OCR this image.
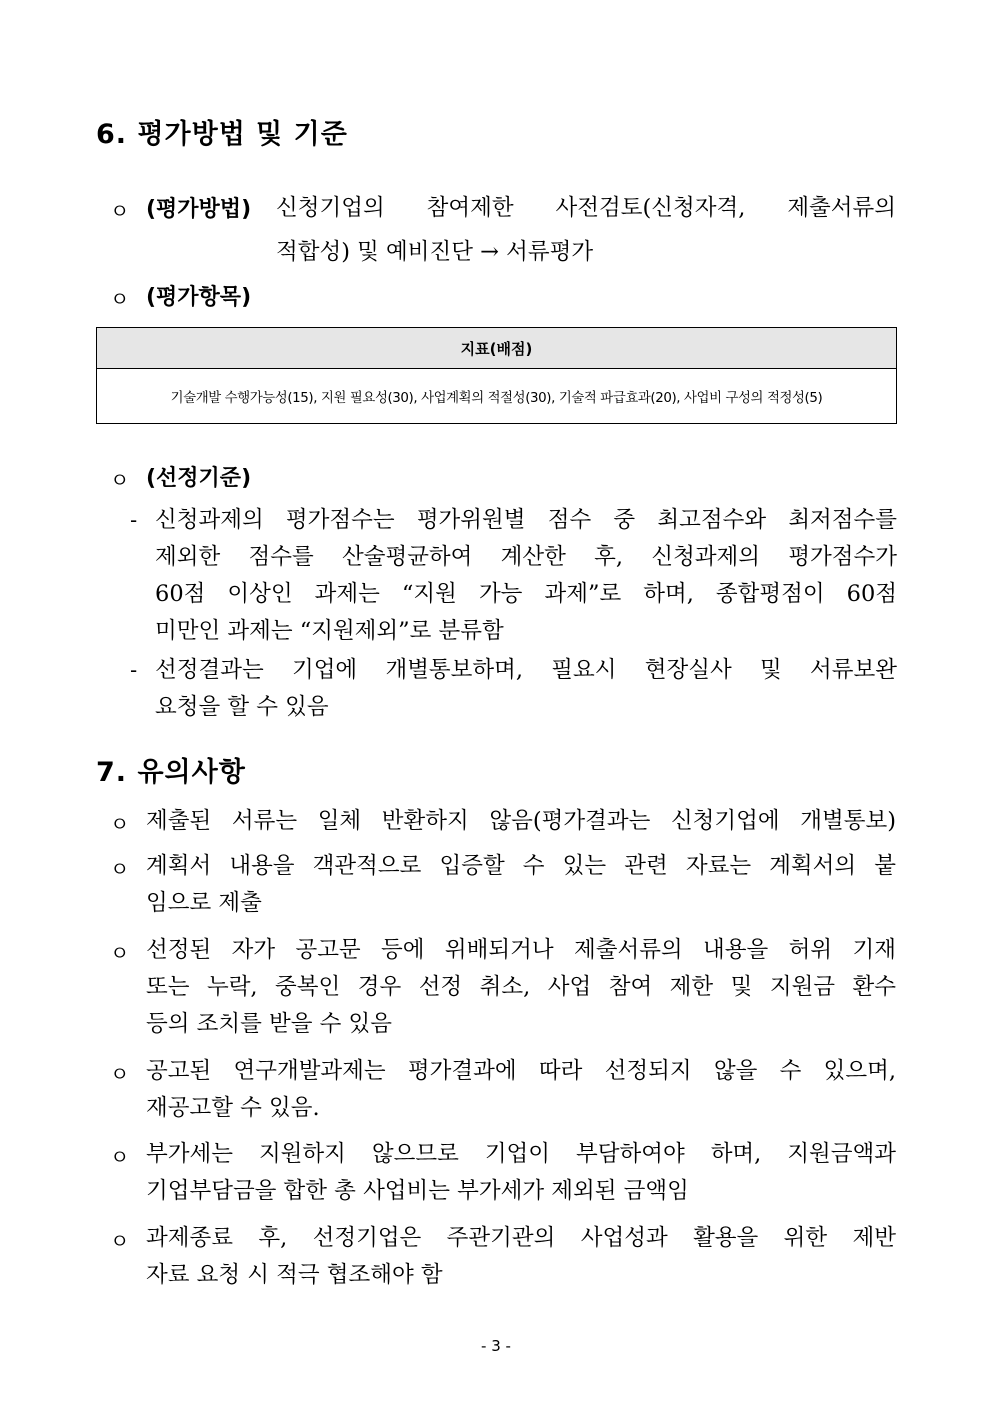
6. 평가방법 및 기준
ㅇ (평가방법) 신청기업의 참여제한 사전검토(신청자격, 제출서류의
적합성) 및 예비진단 → 서류평가
ㅇ (평가항목)
지표(배점)
기술개발 수행가능성(15), 지원 필요성(30), 사업계획의 적절성(30), 기술적 파급효과(20), 사업비 구성의 적정성(5)
ㅇ (선정기준)
- 신청과제의 평가점수는 평가위원별 점수 중 최고점수와 최저점수를
제외한 점수를 산술평균하여 계산한 후, 신청과제의 평가점수가
60점 이상인 과제는 “지원 가능 과제”로 하며, 종합평점이 60점
미만인 과제는 “지원제외”로 분류함
- 선정결과는 기업에 개별통보하며, 필요시 현장실사 및 서류보완
요청을 할 수 있음
7. 유의사항
ㅇ 제출된 서류는 일체 반환하지 않음(평가결과는 신청기업에 개별통보)
ㅇ 계획서 내용을 객관적으로 입증할 수 있는 관련 자료는 계획서의 붙
임으로 제출
ㅇ 선정된 자가 공고문 등에 위배되거나 제출서류의 내용을 허위 기재
또는 누락, 중복인 경우 선정 취소, 사업 참여 제한 및 지원금 환수
등의 조치를 받을 수 있음
ㅇ 공고된 연구개발과제는 평가결과에 따라 선정되지 않을 수 있으며,
재공고할 수 있음.
ㅇ 부가세는 지원하지 않으므로 기업이 부담하여야 하며, 지원금액과
기업부담금을 합한 총 사업비는 부가세가 제외된 금액임
ㅇ 과제종료 후, 선정기업은 주관기관의 사업성과 활용을 위한 제반
자료 요청 시 적극 협조해야 함
- 3 -
